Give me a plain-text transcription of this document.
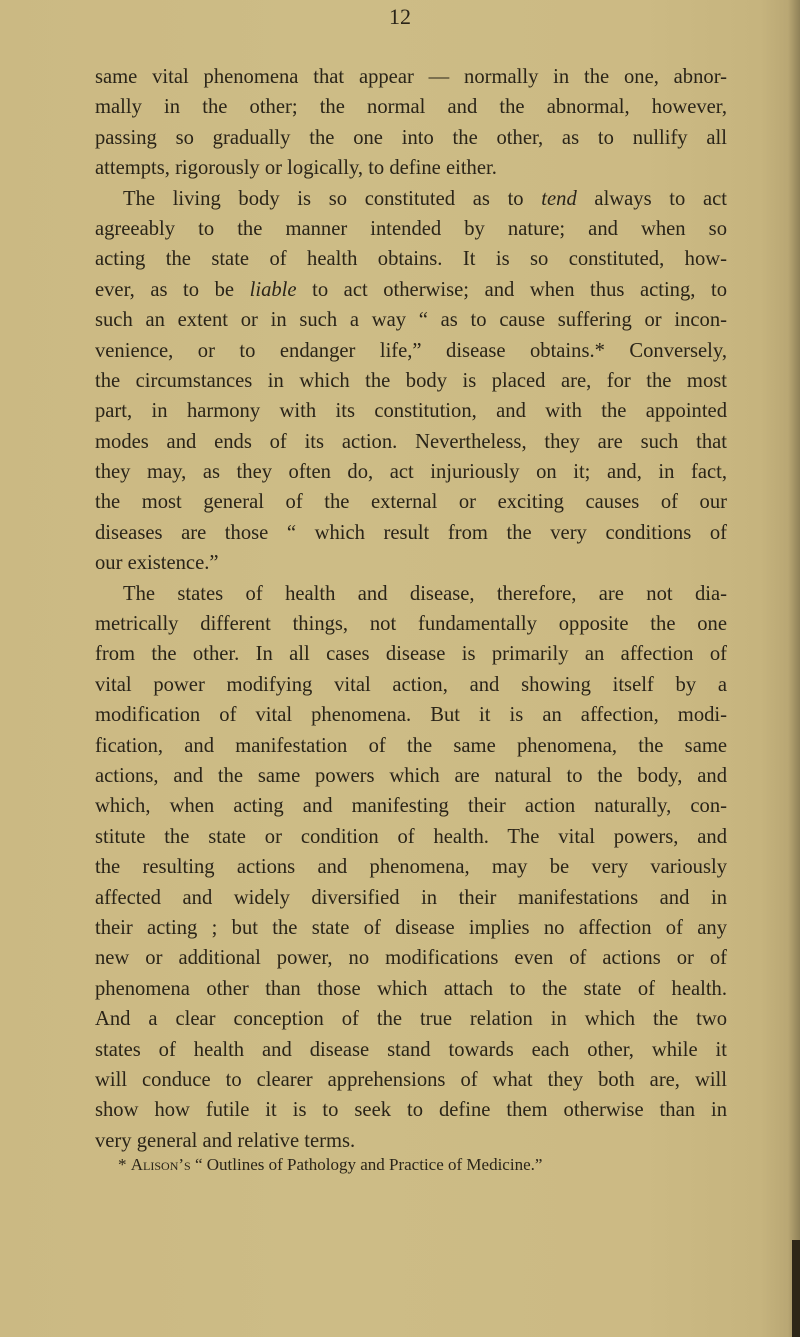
12
same vital phenomena that appear — normally in the one, abnor-
mally in the other; the normal and the abnormal, however,
passing so gradually the one into the other, as to nullify all
attempts, rigorously or logically, to define either.
The living body is so constituted as to tend always to act
agreeably to the manner intended by nature; and when so
acting the state of health obtains. It is so constituted, how-
ever, as to be liable to act otherwise; and when thus acting, to
such an extent or in such a way “ as to cause suffering or incon-
venience, or to endanger life,” disease obtains.* Conversely,
the circumstances in which the body is placed are, for the most
part, in harmony with its constitution, and with the appointed
modes and ends of its action. Nevertheless, they are such that
they may, as they often do, act injuriously on it; and, in fact,
the most general of the external or exciting causes of our
diseases are those “ which result from the very conditions of
our existence.”
The states of health and disease, therefore, are not dia-
metrically different things, not fundamentally opposite the one
from the other. In all cases disease is primarily an affection of
vital power modifying vital action, and showing itself by a
modification of vital phenomena. But it is an affection, modi-
fication, and manifestation of the same phenomena, the same
actions, and the same powers which are natural to the body, and
which, when acting and manifesting their action naturally, con-
stitute the state or condition of health. The vital powers, and
the resulting actions and phenomena, may be very variously
affected and widely diversified in their manifestations and in
their acting ; but the state of disease implies no affection of any
new or additional power, no modifications even of actions or of
phenomena other than those which attach to the state of health.
And a clear conception of the true relation in which the two
states of health and disease stand towards each other, while it
will conduce to clearer apprehensions of what they both are, will
show how futile it is to seek to define them otherwise than in
very general and relative terms.
* Alison’s “ Outlines of Pathology and Practice of Medicine.”
